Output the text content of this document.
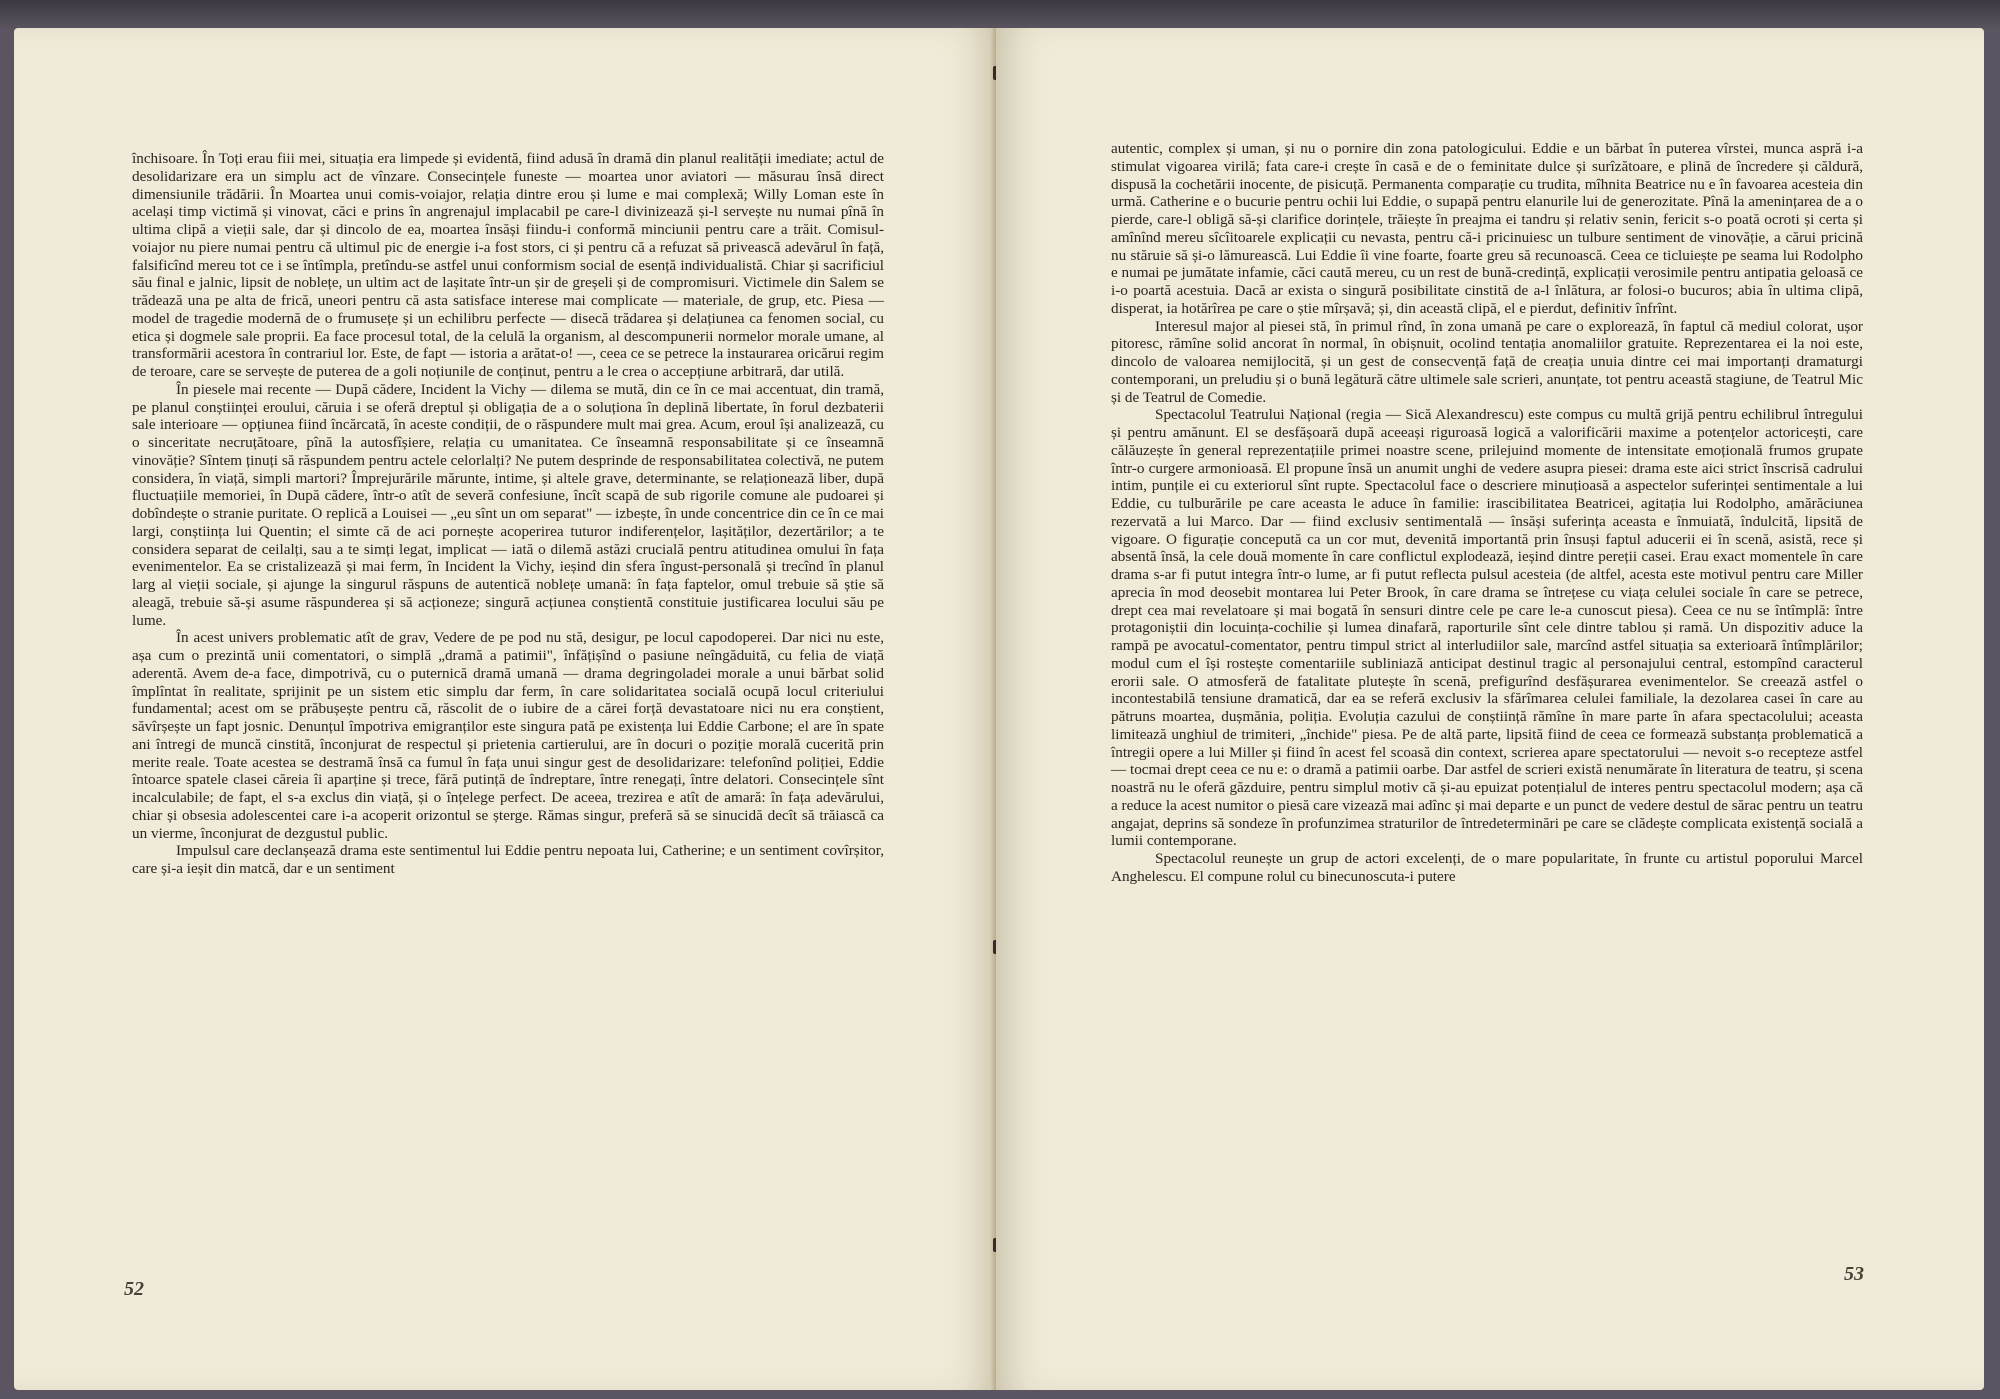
închisoare. În Toți erau fiii mei, situația era limpede și evidentă, fiind adusă în dramă din planul realității imediate; actul de desolidarizare era un simplu act de vînzare. Consecințele funeste — moartea unor aviatori — măsurau însă direct dimensiunile trădării. În Moartea unui comis-voiajor, relația dintre erou și lume e mai complexă; Willy Loman este în același timp victimă și vinovat, căci e prins în angrenajul implacabil pe care-l divinizează și-l servește nu numai pînă în ultima clipă a vieții sale, dar și dincolo de ea, moartea însăși fiindu-i conformă minciunii pentru care a trăit. Comisul-voiajor nu piere numai pentru că ultimul pic de energie i-a fost stors, ci și pentru că a refuzat să privească adevărul în față, falsificînd mereu tot ce i se întîmpla, pretîndu-se astfel unui conformism social de esență individualistă. Chiar și sacrificiul său final e jalnic, lipsit de noblețe, un ultim act de lașitate într-un șir de greșeli și de compromisuri. Victimele din Salem se trădează una pe alta de frică, uneori pentru că asta satisface interese mai complicate — materiale, de grup, etc. Piesa — model de tragedie modernă de o frumusețe și un echilibru perfecte — disecă trădarea și delațiunea ca fenomen social, cu etica și dogmele sale proprii. Ea face procesul total, de la celulă la organism, al descompunerii normelor morale umane, al transformării acestora în contrariul lor. Este, de fapt — istoria a arătat-o! —, ceea ce se petrece la instaurarea oricărui regim de teroare, care se servește de puterea de a goli noțiunile de conținut, pentru a le crea o accepțiune arbitrară, dar utilă.

În piesele mai recente — După cădere, Incident la Vichy — dilema se mută, din ce în ce mai accentuat, din tramă, pe planul conștiinței eroului, căruia i se oferă dreptul și obligația de a o soluționa în deplină libertate, în forul dezbaterii sale interioare — opțiunea fiind încărcată, în aceste condiții, de o răspundere mult mai grea. Acum, eroul își analizează, cu o sinceritate necruțătoare, pînă la autosfîșiere, relația cu umanitatea. Ce înseamnă responsabilitate și ce înseamnă vinovăție? Sîntem ținuți să răspundem pentru actele celorlalți? Ne putem desprinde de responsabilitatea colectivă, ne putem considera, în viață, simpli martori? Împrejurările mărunte, intime, și altele grave, determinante, se relaționează liber, după fluctuațiile memoriei, în După cădere, într-o atît de severă confesiune, încît scapă de sub rigorile comune ale pudoarei și dobîndește o stranie puritate. O replică a Louisei — „eu sînt un om separat" — izbește, în unde concentrice din ce în ce mai largi, conștiința lui Quentin; el simte că de aci pornește acoperirea tuturor indiferențelor, lașităților, dezertărilor; a te considera separat de ceilalți, sau a te simți legat, implicat — iată o dilemă astăzi crucială pentru atitudinea omului în fața evenimentelor. Ea se cristalizează și mai ferm, în Incident la Vichy, ieșind din sfera îngust-personală și trecînd în planul larg al vieții sociale, și ajunge la singurul răspuns de autentică noblețe umană: în fața faptelor, omul trebuie să știe să aleagă, trebuie să-și asume răspunderea și să acționeze; singură acțiunea conștientă constituie justificarea locului său pe lume.

În acest univers problematic atît de grav, Vedere de pe pod nu stă, desigur, pe locul capodoperei. Dar nici nu este, așa cum o prezintă unii comentatori, o simplă „dramă a patimii", înfățișînd o pasiune neîngăduită, cu felia de viață aderentă. Avem de-a face, dimpotrivă, cu o puternică dramă umană — drama degringoladei morale a unui bărbat solid împlîntat în realitate, sprijinit pe un sistem etic simplu dar ferm, în care solidaritatea socială ocupă locul criteriului fundamental; acest om se prăbușește pentru că, răscolit de o iubire de a cărei forță devastatoare nici nu era conștient, săvîrșește un fapt josnic. Denunțul împotriva emigranților este singura pată pe existența lui Eddie Carbone; el are în spate ani întregi de muncă cinstită, înconjurat de respectul și prietenia cartierului, are în docuri o poziție morală cucerită prin merite reale. Toate acestea se destramă însă ca fumul în fața unui singur gest de desolidarizare: telefonînd poliției, Eddie întoarce spatele clasei căreia îi aparține și trece, fără putință de îndreptare, între renegați, între delatori. Consecințele sînt incalculabile; de fapt, el s-a exclus din viață, și o înțelege perfect. De aceea, trezirea e atît de amară: în fața adevărului, chiar și obsesia adolescentei care i-a acoperit orizontul se șterge. Rămas singur, preferă să se sinucidă decît să trăiască ca un vierme, înconjurat de dezgustul public.

Impulsul care declanșează drama este sentimentul lui Eddie pentru nepoata lui, Catherine; e un sentiment covîrșitor, care și-a ieșit din matcă, dar e un sentiment

52

autentic, complex și uman, și nu o pornire din zona patologicului. Eddie e un bărbat în puterea vîrstei, munca aspră i-a stimulat vigoarea virilă; fata care-i crește în casă e de o feminitate dulce și surîzătoare, e plină de încredere și căldură, dispusă la cochetării inocente, de pisicuță. Permanenta comparație cu trudita, mîhnita Beatrice nu e în favoarea acesteia din urmă. Catherine e o bucurie pentru ochii lui Eddie, o supapă pentru elanurile lui de generozitate. Pînă la amenințarea de a o pierde, care-l obligă să-și clarifice dorințele, trăiește în preajma ei tandru și relativ senin, fericit s-o poată ocroti și certa și amînînd mereu sîcîitoarele explicații cu nevasta, pentru că-i pricinuiesc un tulbure sentiment de vinovăție, a cărui pricină nu stăruie să și-o lămurească. Lui Eddie îi vine foarte, foarte greu să recunoască. Ceea ce ticluiește pe seama lui Rodolpho e numai pe jumătate infamie, căci caută mereu, cu un rest de bună-credință, explicații verosimile pentru antipatia geloasă ce i-o poartă acestuia. Dacă ar exista o singură posibilitate cinstită de a-l înlătura, ar folosi-o bucuros; abia în ultima clipă, disperat, ia hotărîrea pe care o știe mîrșavă; și, din această clipă, el e pierdut, definitiv înfrînt.

Interesul major al piesei stă, în primul rînd, în zona umană pe care o explorează, în faptul că mediul colorat, ușor pitoresc, rămîne solid ancorat în normal, în obișnuit, ocolind tentația anomaliilor gratuite. Reprezentarea ei la noi este, dincolo de valoarea nemijlocită, și un gest de consecvență față de creația unuia dintre cei mai importanți dramaturgi contemporani, un preludiu și o bună legătură către ultimele sale scrieri, anunțate, tot pentru această stagiune, de Teatrul Mic și de Teatrul de Comedie.

Spectacolul Teatrului Național (regia — Sică Alexandrescu) este compus cu multă grijă pentru echilibrul întregului și pentru amănunt. El se desfășoară după aceeași riguroasă logică a valorificării maxime a potențelor actoricești, care călăuzește în general reprezentațiile primei noastre scene, prilejuind momente de intensitate emoțională frumos grupate într-o curgere armonioasă. El propune însă un anumit unghi de vedere asupra piesei: drama este aici strict înscrisă cadrului intim, punțile ei cu exteriorul sînt rupte. Spectacolul face o descriere minuțioasă a aspectelor suferinței sentimentale a lui Eddie, cu tulburările pe care aceasta le aduce în familie: irascibilitatea Beatricei, agitația lui Rodolpho, amărăciunea rezervată a lui Marco. Dar — fiind exclusiv sentimentală — însăși suferința aceasta e înmuiată, îndulcită, lipsită de vigoare. O figurație concepută ca un cor mut, devenită importantă prin însuși faptul aducerii ei în scenă, asistă, rece și absentă însă, la cele două momente în care conflictul explodează, ieșind dintre pereții casei. Erau exact momentele în care drama s-ar fi putut integra într-o lume, ar fi putut reflecta pulsul acesteia (de altfel, acesta este motivul pentru care Miller aprecia în mod deosebit montarea lui Peter Brook, în care drama se întrețese cu viața celulei sociale în care se petrece, drept cea mai revelatoare și mai bogată în sensuri dintre cele pe care le-a cunoscut piesa). Ceea ce nu se întîmplă: între protagoniștii din locuința-cochilie și lumea dinafară, raporturile sînt cele dintre tablou și ramă. Un dispozitiv aduce la rampă pe avocatul-comentator, pentru timpul strict al interludiilor sale, marcînd astfel situația sa exterioară întîmplărilor; modul cum el își rostește comentariile subliniază anticipat destinul tragic al personajului central, estompînd caracterul erorii sale. O atmosferă de fatalitate plutește în scenă, prefigurînd desfășurarea evenimentelor. Se creează astfel o incontestabilă tensiune dramatică, dar ea se referă exclusiv la sfărîmarea celulei familiale, la dezolarea casei în care au pătruns moartea, dușmănia, poliția. Evoluția cazului de conștiință rămîne în mare parte în afara spectacolului; aceasta limitează unghiul de trimiteri, „închide" piesa. Pe de altă parte, lipsită fiind de ceea ce formează substanța problematică a întregii opere a lui Miller și fiind în acest fel scoasă din context, scrierea apare spectatorului — nevoit s-o recepteze astfel — tocmai drept ceea ce nu e: o dramă a patimii oarbe. Dar astfel de scrieri există nenumărate în literatura de teatru, și scena noastră nu le oferă găzduire, pentru simplul motiv că și-au epuizat potențialul de interes pentru spectacolul modern; așa că a reduce la acest numitor o piesă care vizează mai adînc și mai departe e un punct de vedere destul de sărac pentru un teatru angajat, deprins să sondeze în profunzimea straturilor de întredeterminări pe care se clădește complicata existență socială a lumii contemporane.

Spectacolul reunește un grup de actori excelenți, de o mare popularitate, în frunte cu artistul poporului Marcel Anghelescu. El compune rolul cu binecunoscuta-i putere

53
